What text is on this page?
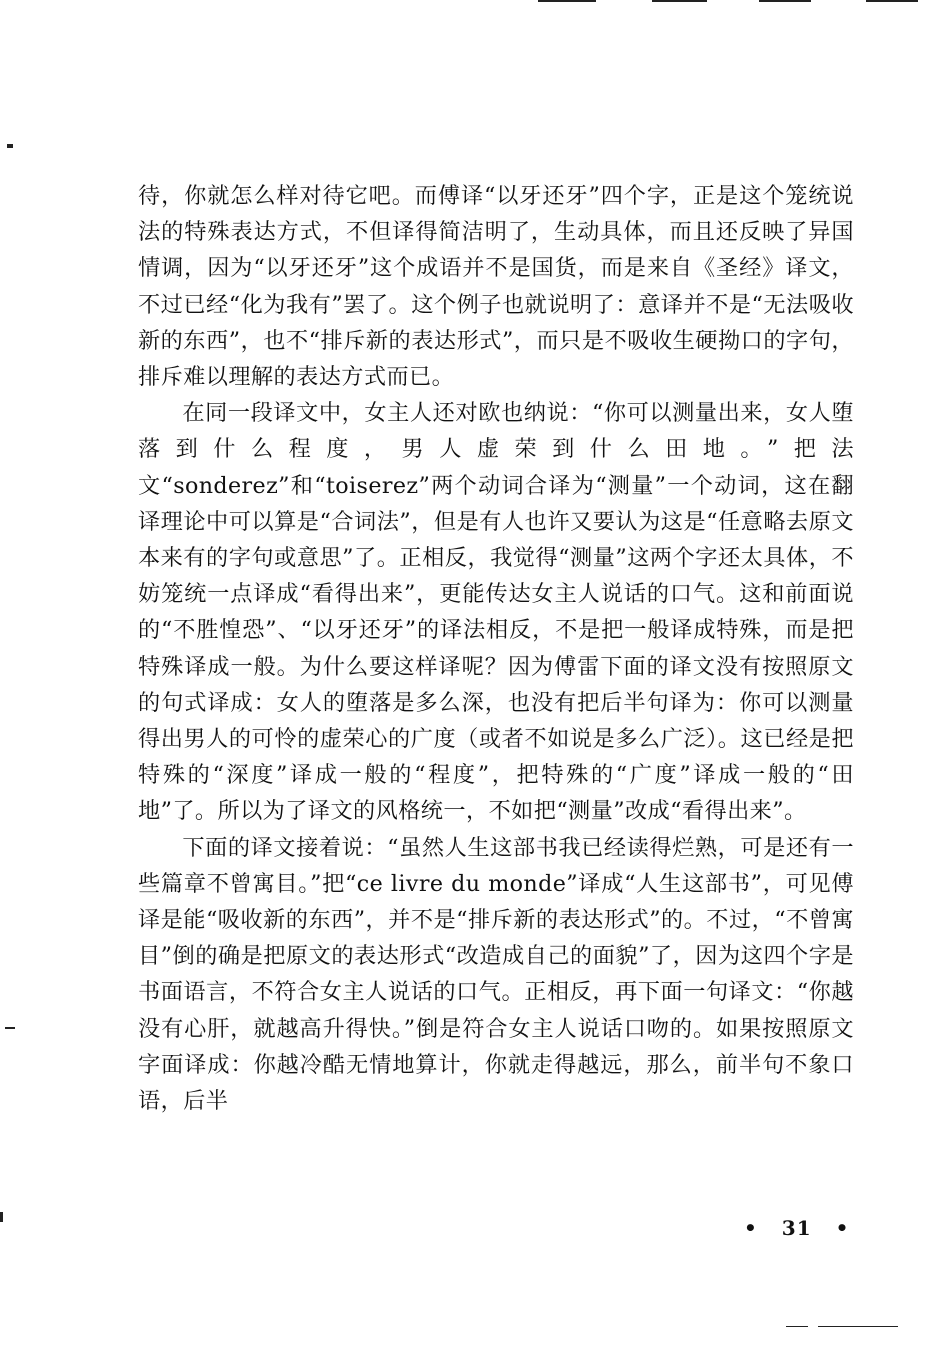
待，你就怎么样对待它吧。而傅译“以牙还牙”四个字，正是这个笼统说法的特殊表达方式，不但译得简洁明了，生动具体，而且还反映了异国情调，因为“以牙还牙”这个成语并不是国货，而是来自《圣经》译文，不过已经“化为我有”罢了。这个例子也就说明了：意译并不是“无法吸收新的东西”，也不“排斥新的表达形式”，而只是不吸收生硬拗口的字句，排斥难以理解的表达方式而已。

在同一段译文中，女主人还对欧也纳说：“你可以测量出来，女人堕落到什么程度，男人虚荣到什么田地。”把法文“sonderez”和“toiserez”两个动词合译为“测量”一个动词，这在翻译理论中可以算是“合词法”，但是有人也许又要认为这是“任意略去原文本来有的字句或意思”了。正相反，我觉得“测量”这两个字还太具体，不妨笼统一点译成“看得出来”，更能传达女主人说话的口气。这和前面说的“不胜惶恐”、“以牙还牙”的译法相反，不是把一般译成特殊，而是把特殊译成一般。为什么要这样译呢？因为傅雷下面的译文没有按照原文的句式译成：女人的堕落是多么深，也没有把后半句译为：你可以测量得出男人的可怜的虚荣心的广度（或者不如说是多么广泛）。这已经是把特殊的“深度”译成一般的“程度”，把特殊的“广度”译成一般的“田地”了。所以为了译文的风格统一，不如把“测量”改成“看得出来”。

下面的译文接着说：“虽然人生这部书我已经读得烂熟，可是还有一些篇章不曾寓目。”把“ce livre du monde”译成“人生这部书”，可见傅译是能“吸收新的东西”，并不是“排斥新的表达形式”的。不过，“不曾寓目”倒的确是把原文的表达形式“改造成自己的面貌”了，因为这四个字是书面语言，不符合女主人说话的口气。正相反，再下面一句译文：“你越没有心肝，就越高升得快。”倒是符合女主人说话口吻的。如果按照原文字面译成：你越冷酷无情地算计，你就走得越远，那么，前半句不象口语，后半

• 31 •
